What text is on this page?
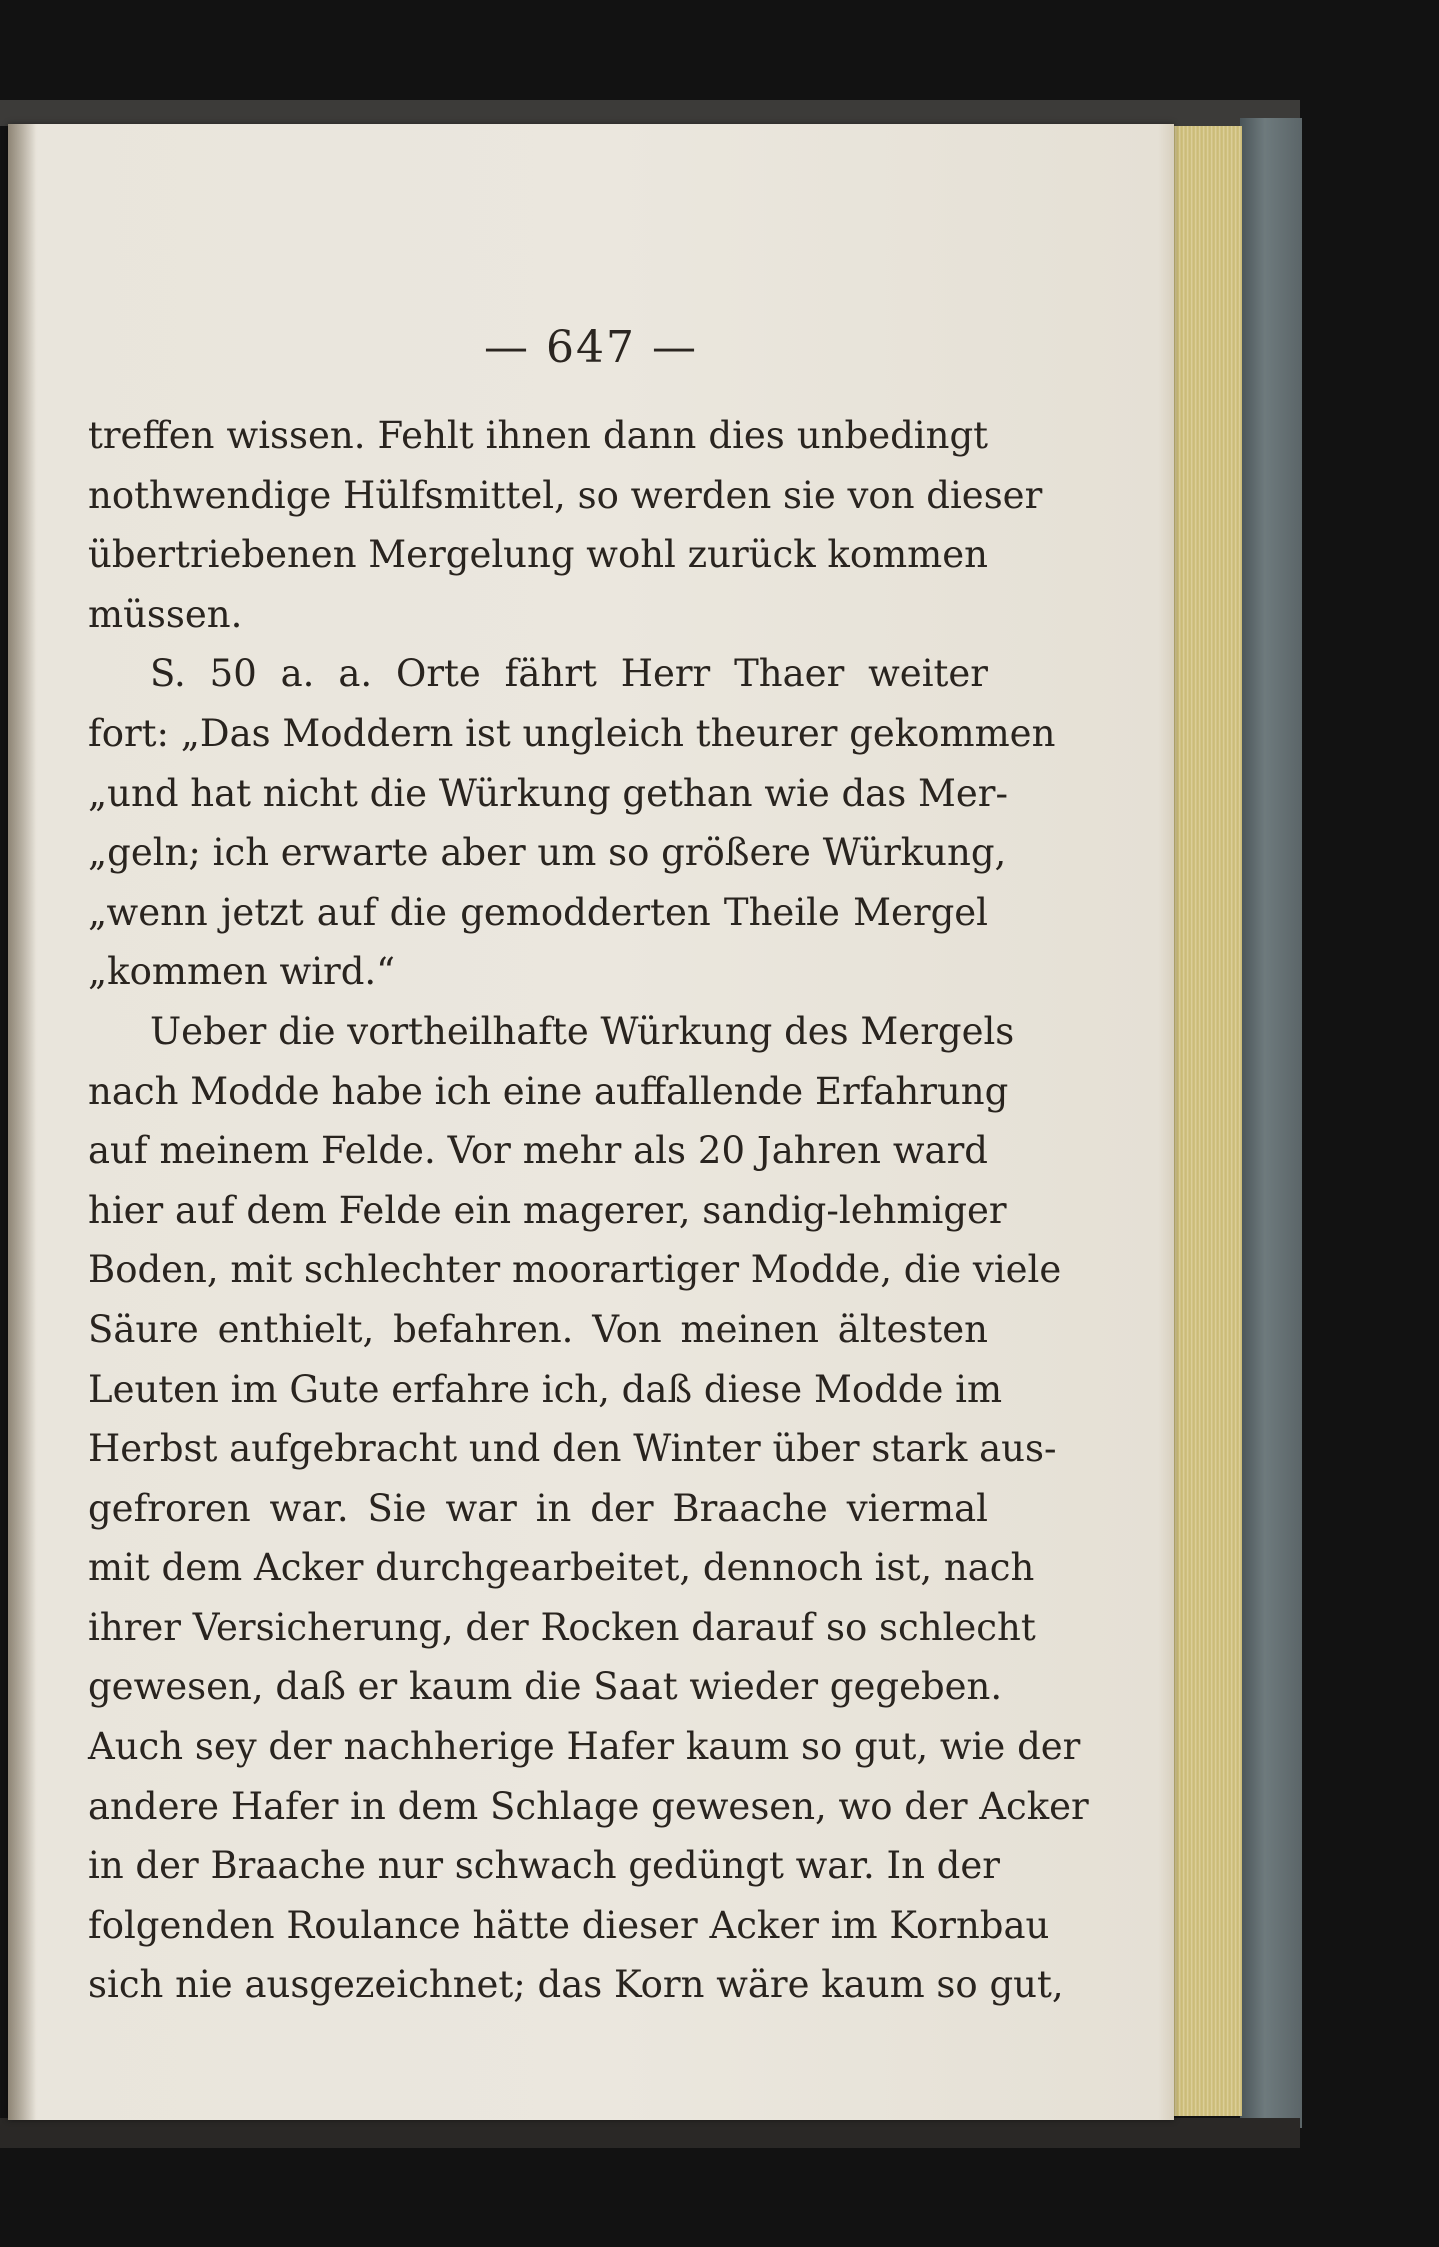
— 647 —
treffen wissen. Fehlt ihnen dann dies unbedingt
nothwendige Hülfsmittel, so werden sie von dieser
übertriebenen Mergelung wohl zurück kommen
müssen.
S. 50 a. a. Orte fährt Herr Thaer weiter
fort: „Das Moddern ist ungleich theurer gekommen
„und hat nicht die Würkung gethan wie das Mer-
„geln; ich erwarte aber um so größere Würkung,
„wenn jetzt auf die gemodderten Theile Mergel
„kommen wird.“
Ueber die vortheilhafte Würkung des Mergels
nach Modde habe ich eine auffallende Erfahrung
auf meinem Felde. Vor mehr als 20 Jahren ward
hier auf dem Felde ein magerer, sandig-lehmiger
Boden, mit schlechter moorartiger Modde, die viele
Säure enthielt, befahren. Von meinen ältesten
Leuten im Gute erfahre ich, daß diese Modde im
Herbst aufgebracht und den Winter über stark aus-
gefroren war. Sie war in der Braache viermal
mit dem Acker durchgearbeitet, dennoch ist, nach
ihrer Versicherung, der Rocken darauf so schlecht
gewesen, daß er kaum die Saat wieder gegeben.
Auch sey der nachherige Hafer kaum so gut, wie der
andere Hafer in dem Schlage gewesen, wo der Acker
in der Braache nur schwach gedüngt war. In der
folgenden Roulance hätte dieser Acker im Kornbau
sich nie ausgezeichnet; das Korn wäre kaum so gut,
